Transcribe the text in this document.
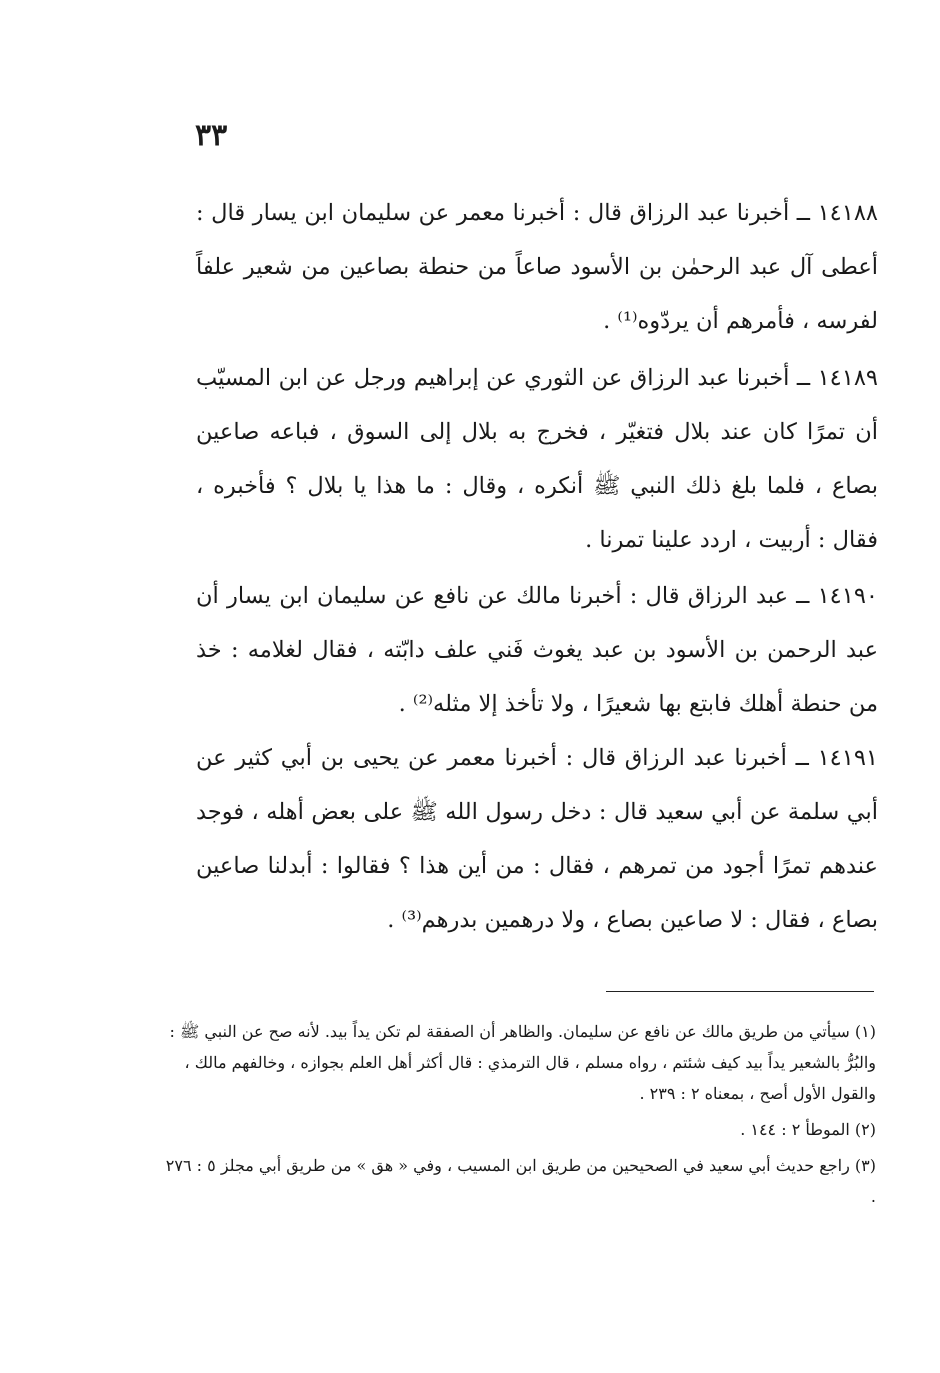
٣٣

١٤١٨٨ ــ أخبرنا عبد الرزاق قال : أخبرنا معمر عن سليمان ابن يسار قال : أعطى آل عبد الرحمٰن بن الأسود صاعاً من حنطة بصاعين من شعير علفاً لفرسه ، فأمرهم أن يردّوه⁽¹⁾ .

١٤١٨٩ ــ أخبرنا عبد الرزاق عن الثوري عن إبراهيم ورجل عن ابن المسيّب أن تمرًا كان عند بلال فتغيّر ، فخرج به بلال إلى السوق ، فباعه صاعين بصاع ، فلما بلغ ذلك النبي ﷺ أنكره ، وقال : ما هذا يا بلال ؟ فأخبره ، فقال : أربيت ، اردد علينا تمرنا .

١٤١٩٠ ــ عبد الرزاق قال : أخبرنا مالك عن نافع عن سليمان ابن يسار أن عبد الرحمن بن الأسود بن عبد يغوث فَني علف دابّته ، فقال لغلامه : خذ من حنطة أهلك فابتع بها شعيرًا ، ولا تأخذ إلا مثله⁽²⁾ .

١٤١٩١ ــ أخبرنا عبد الرزاق قال : أخبرنا معمر عن يحيى بن أبي كثير عن أبي سلمة عن أبي سعيد قال : دخل رسول الله ﷺ على بعض أهله ، فوجد عندهم تمرًا أجود من تمرهم ، فقال : من أين هذا ؟ فقالوا : أبدلنا صاعين بصاع ، فقال : لا صاعين بصاع ، ولا درهمين بدرهم⁽³⁾ .

(١) سيأتي من طريق مالك عن نافع عن سليمان. والظاهر أن الصفقة لم تكن يداً بيد. لأنه صح عن النبي ﷺ : والبُرُّ بالشعير يداً بيد كيف شئتم ، رواه مسلم ، قال الترمذي : قال أكثر أهل العلم بجوازه ، وخالفهم مالك ، والقول الأول أصح ، بمعناه ٢ : ٢٣٩ .

(٢) الموطأ ٢ : ١٤٤ .

(٣) راجع حديث أبي سعيد في الصحيحين من طريق ابن المسيب ، وفي « هق » من طريق أبي مجلز ٥ : ٢٧٦ .
